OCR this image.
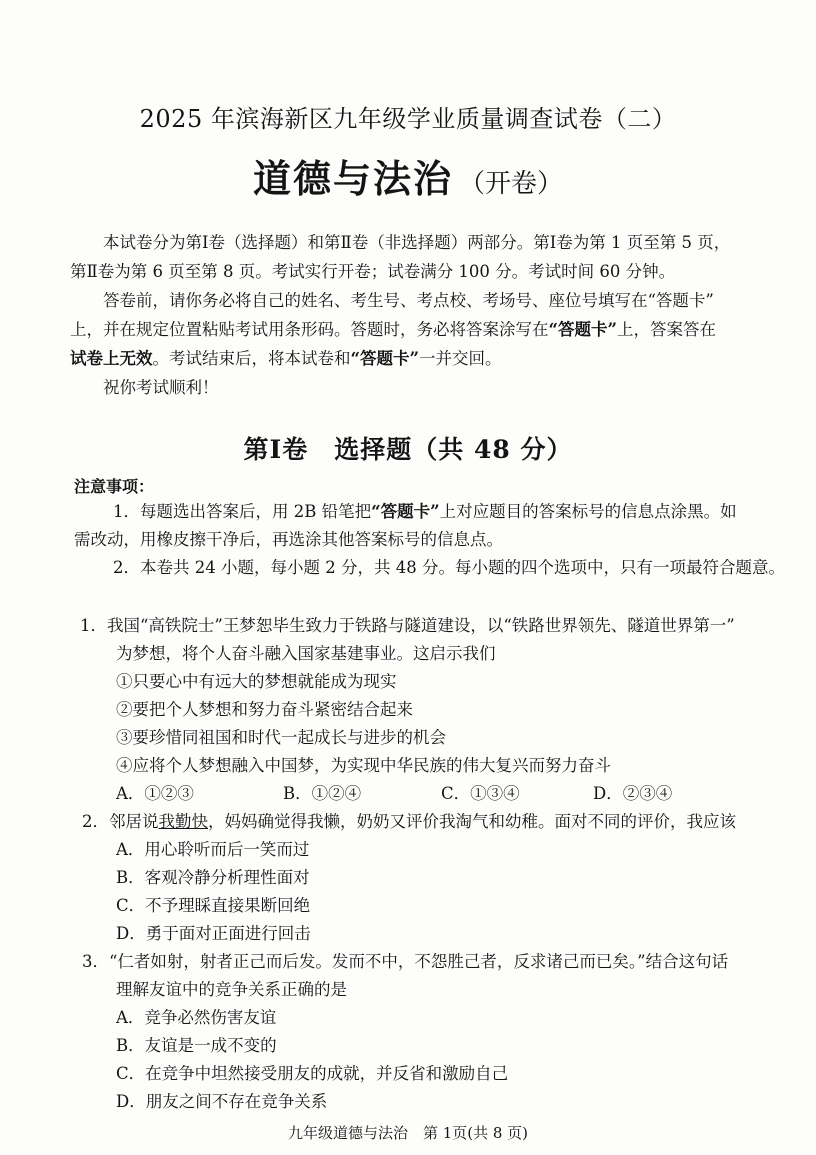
2025 年滨海新区九年级学业质量调查试卷（二）
道德与法治 （开卷）
本试卷分为第Ⅰ卷（选择题）和第Ⅱ卷（非选择题）两部分。第Ⅰ卷为第 1 页至第 5 页，
第Ⅱ卷为第 6 页至第 8 页。考试实行开卷；试卷满分 100 分。考试时间 60 分钟。
答卷前，请你务必将自己的姓名、考生号、考点校、考场号、座位号填写在“答题卡”
上，并在规定位置粘贴考试用条形码。答题时，务必将答案涂写在“答题卡”上，答案答在
试卷上无效。考试结束后，将本试卷和“答题卡”一并交回。
祝你考试顺利！
第Ⅰ卷　选择题（共 48 分）
注意事项：
1．每题选出答案后，用 2B 铅笔把“答题卡”上对应题目的答案标号的信息点涂黑。如
需改动，用橡皮擦干净后，再选涂其他答案标号的信息点。
2．本卷共 24 小题，每小题 2 分，共 48 分。每小题的四个选项中，只有一项最符合题意。
1．我国“高铁院士”王梦恕毕生致力于铁路与隧道建设，以“铁路世界领先、隧道世界第一”
为梦想，将个人奋斗融入国家基建事业。这启示我们
①只要心中有远大的梦想就能成为现实
②要把个人梦想和努力奋斗紧密结合起来
③要珍惜同祖国和时代一起成长与进步的机会
④应将个人梦想融入中国梦，为实现中华民族的伟大复兴而努力奋斗
A．①②③	B．①②④	C．①③④	D．②③④
2．邻居说我勤快，妈妈确觉得我懒，奶奶又评价我淘气和幼稚。面对不同的评价，我应该
A．用心聆听而后一笑而过
B．客观冷静分析理性面对
C．不予理睬直接果断回绝
D．勇于面对正面进行回击
3．“仁者如射，射者正己而后发。发而不中，不怨胜己者，反求诸己而已矣。”结合这句话
理解友谊中的竞争关系正确的是
A．竞争必然伤害友谊
B．友谊是一成不变的
C．在竞争中坦然接受朋友的成就，并反省和激励自己
D．朋友之间不存在竞争关系
九年级道德与法治　第 1页(共 8 页)
